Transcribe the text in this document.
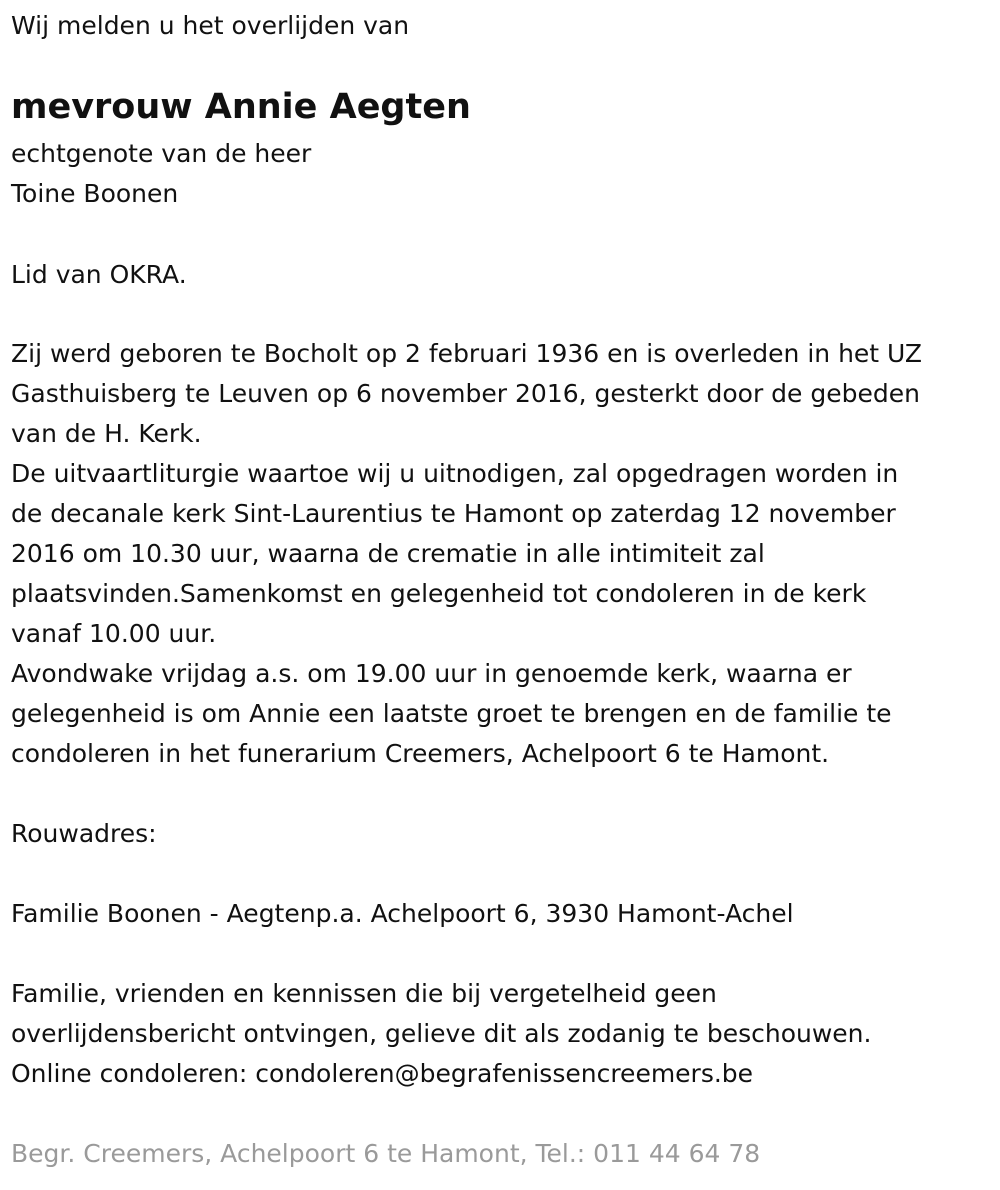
Wij melden u het overlijden van

mevrouw Annie Aegten

echtgenote van de heer

Toine Boonen

Lid van OKRA.

Zij werd geboren te Bocholt op 2 februari 1936 en is overleden in het UZ

Gasthuisberg te Leuven op 6 november 2016, gesterkt door de gebeden

van de H. Kerk.

De uitvaartliturgie waartoe wij u uitnodigen, zal opgedragen worden in

de decanale kerk Sint-Laurentius te Hamont op zaterdag 12 november

2016 om 10.30 uur, waarna de crematie in alle intimiteit zal

plaatsvinden.Samenkomst en gelegenheid tot condoleren in de kerk

vanaf 10.00 uur.

Avondwake vrijdag a.s. om 19.00 uur in genoemde kerk, waarna er

gelegenheid is om Annie een laatste groet te brengen en de familie te

condoleren in het funerarium Creemers, Achelpoort 6 te Hamont.

Rouwadres:

Familie Boonen - Aegtenp.a. Achelpoort 6, 3930 Hamont-Achel

Familie, vrienden en kennissen die bij vergetelheid geen

overlijdensbericht ontvingen, gelieve dit als zodanig te beschouwen.

Online condoleren: condoleren@begrafenissencreemers.be

Begr. Creemers, Achelpoort 6 te Hamont, Tel.: 011 44 64 78
